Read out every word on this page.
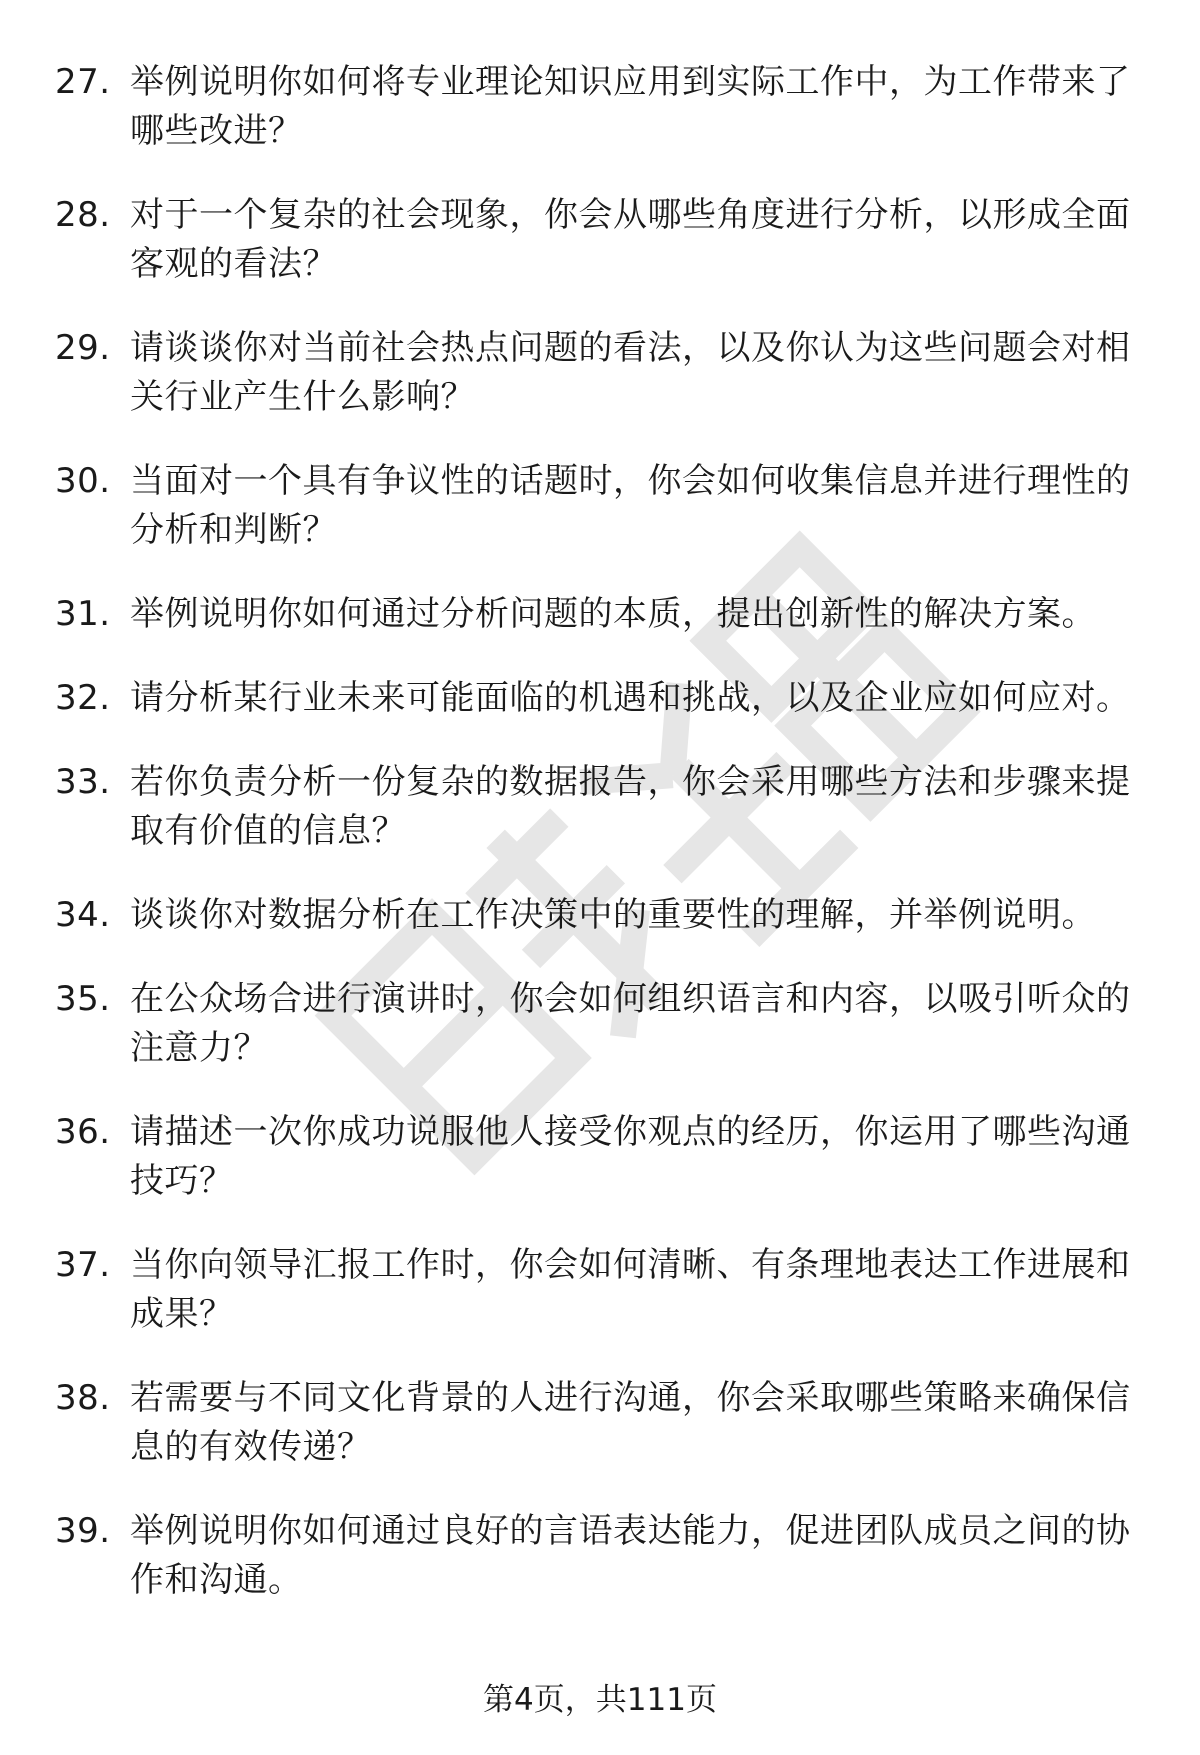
27. 举例说明你如何将专业理论知识应用到实际工作中，为工作带来了哪些改进？
28. 对于一个复杂的社会现象，你会从哪些角度进行分析，以形成全面客观的看法？
29. 请谈谈你对当前社会热点问题的看法，以及你认为这些问题会对相关行业产生什么影响？
30. 当面对一个具有争议性的话题时，你会如何收集信息并进行理性的分析和判断？
31. 举例说明你如何通过分析问题的本质，提出创新性的解决方案。
32. 请分析某行业未来可能面临的机遇和挑战，以及企业应如何应对。
33. 若你负责分析一份复杂的数据报告，你会采用哪些方法和步骤来提取有价值的信息？
34. 谈谈你对数据分析在工作决策中的重要性的理解，并举例说明。
35. 在公众场合进行演讲时，你会如何组织语言和内容，以吸引听众的注意力？
36. 请描述一次你成功说服他人接受你观点的经历，你运用了哪些沟通技巧？
37. 当你向领导汇报工作时，你会如何清晰、有条理地表达工作进展和成果？
38. 若需要与不同文化背景的人进行沟通，你会采取哪些策略来确保信息的有效传递？
39. 举例说明你如何通过良好的言语表达能力，促进团队成员之间的协作和沟通。
第4页，共111页
